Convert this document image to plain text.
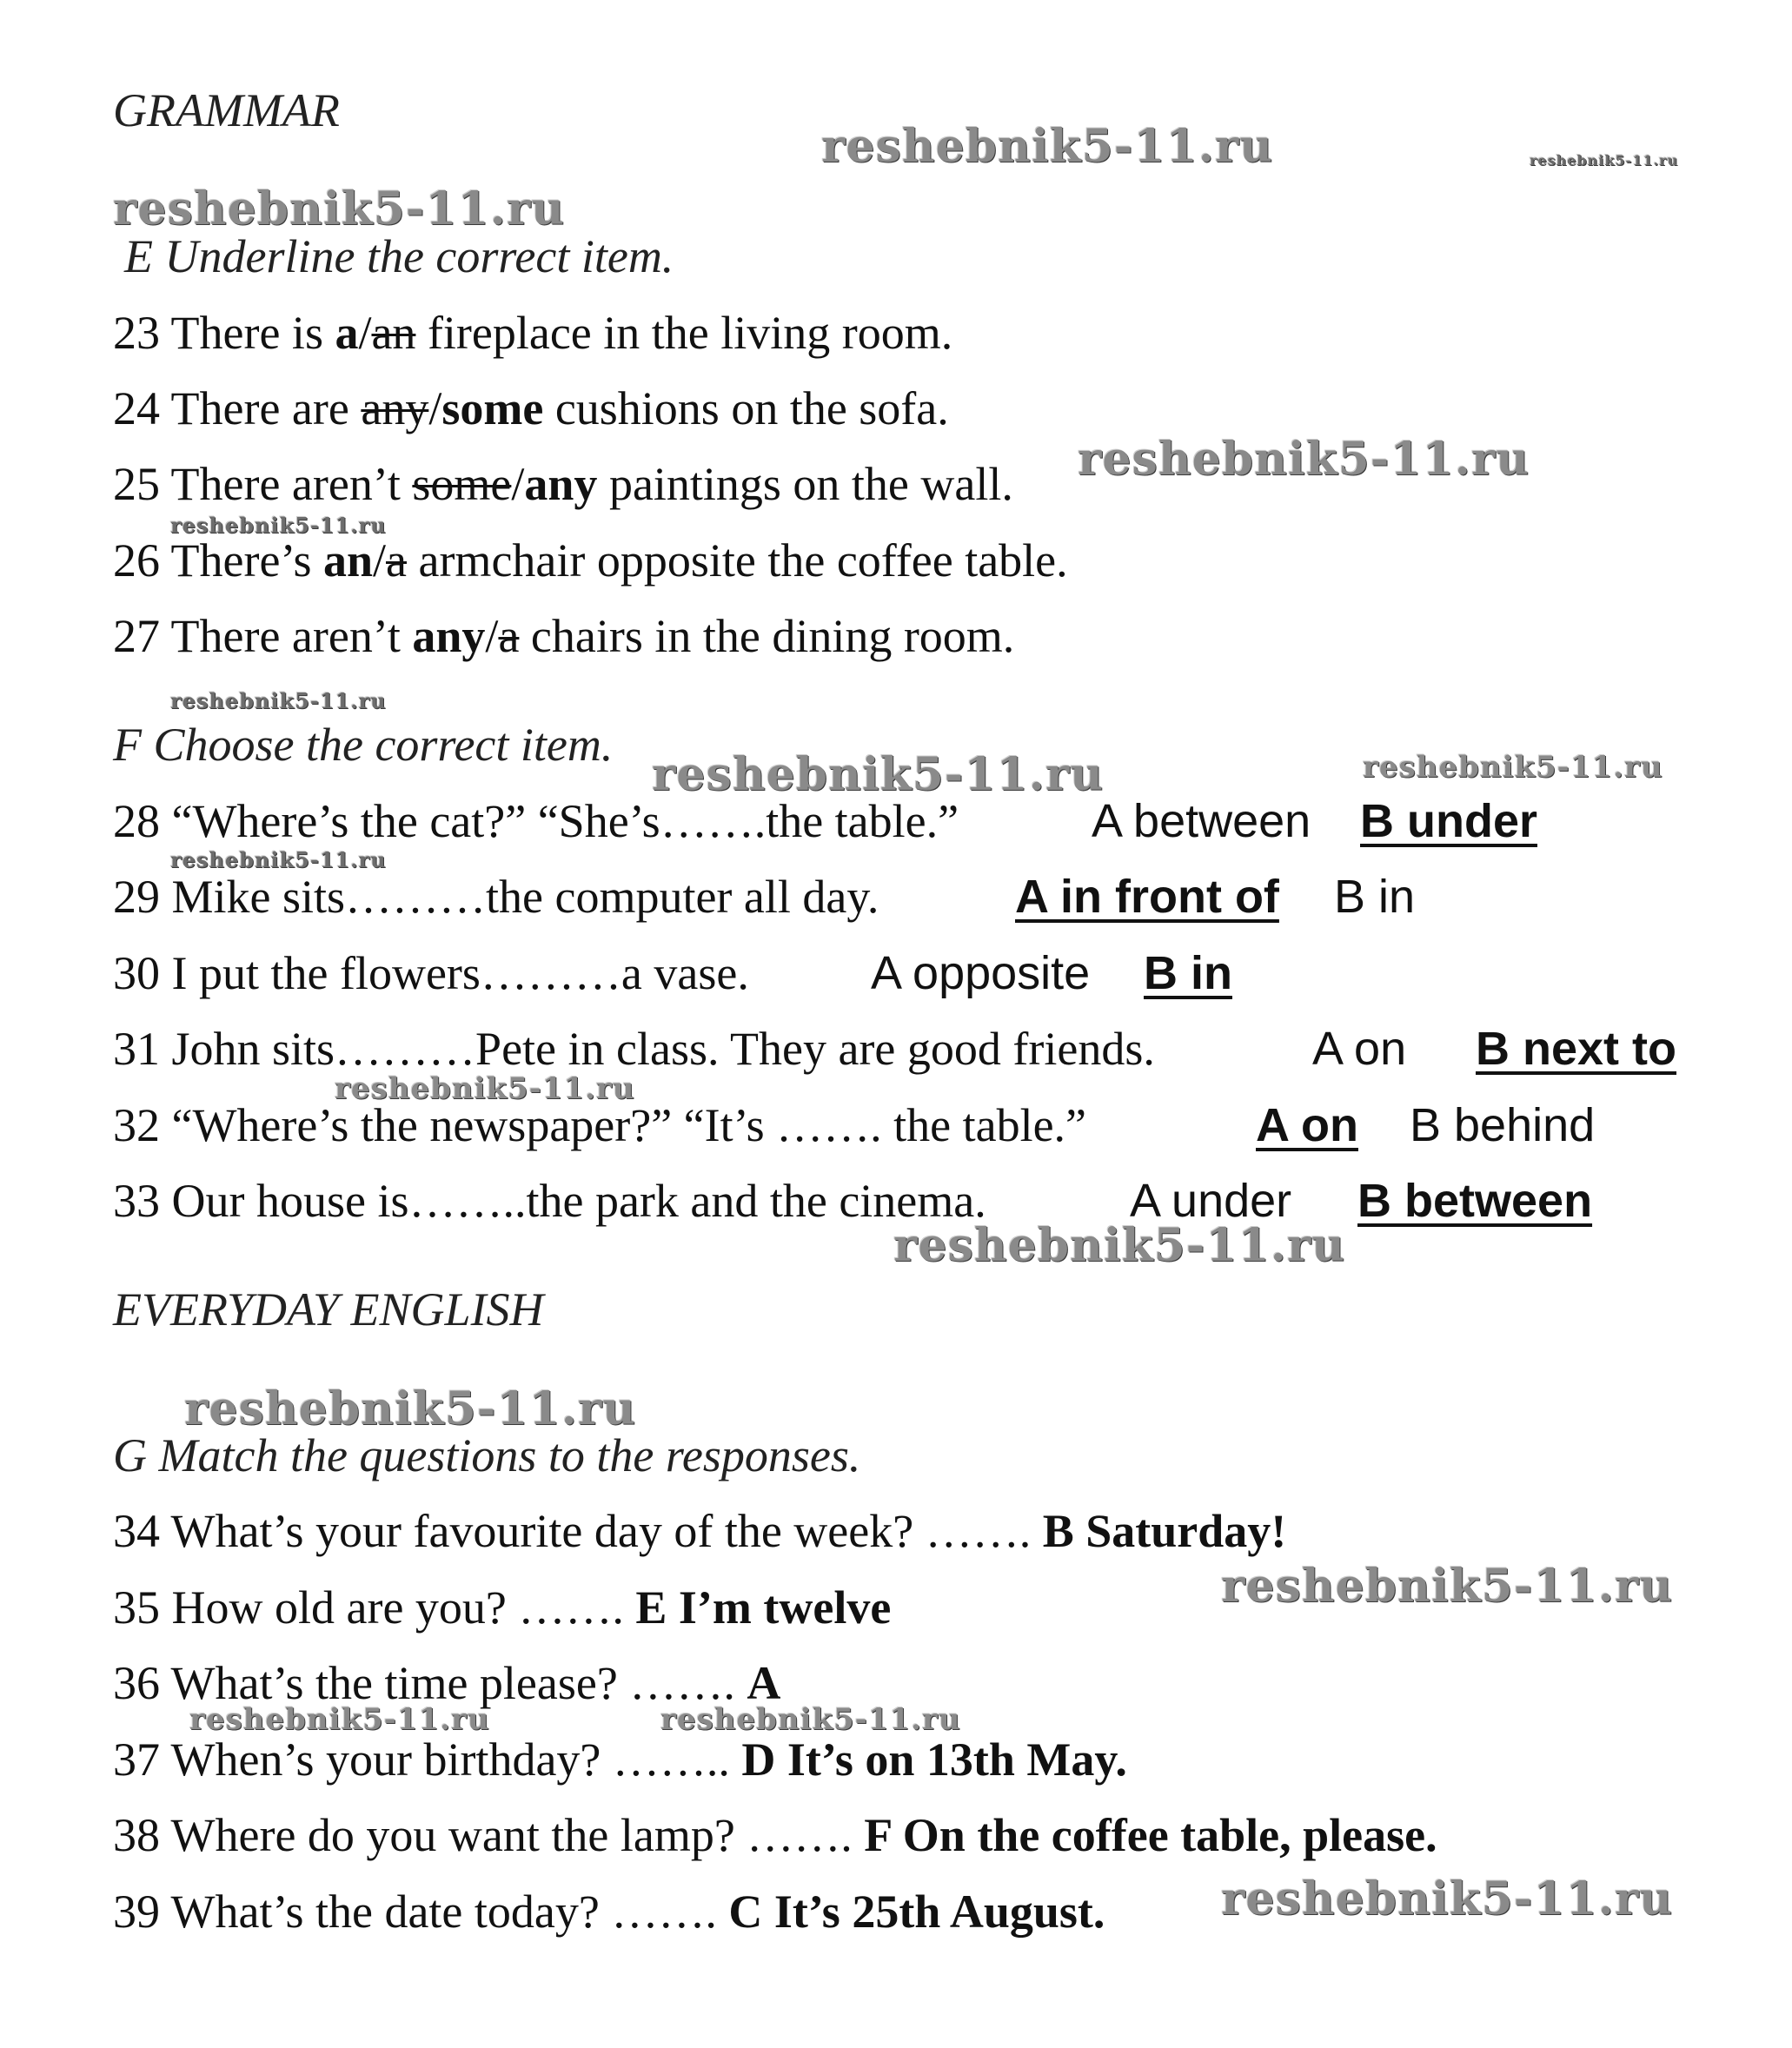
GRAMMAR
E Underline the correct item.
23 There is a/an fireplace in the living room.
24 There are any/some cushions on the sofa.
25 There aren’t some/any paintings on the wall.
26 There’s an/a armchair opposite the coffee table.
27 There aren’t any/a chairs in the dining room.
F Choose the correct item.
28 “Where’s the cat?” “She’s…….the table.”	A between B under
29 Mike sits………the computer all day.	A in front of B in
30 I put the flowers………a vase.	A opposite B in
31 John sits………Pete in class. They are good friends.	A on B next to
32 “Where’s the newspaper?” “It’s ……. the table.”	A on B behind
33 Our house is……..the park and the cinema.	A under B between
EVERYDAY ENGLISH
G Match the questions to the responses.
34 What’s your favourite day of the week? ……. B Saturday!
35 How old are you? ……. E I’m twelve
36 What’s the time please? ……. A
37 When’s your birthday? …….. D It’s on 13th May.
38 Where do you want the lamp? ……. F On the coffee table, please.
39 What’s the date today? ……. C It’s 25th August.
reshebnik5-11.ru	reshebnik5-11.ru
reshebnik5-11.ru
reshebnik5-11.ru
reshebnik5-11.ru
reshebnik5-11.ru
reshebnik5-11.ru	reshebnik5-11.ru
reshebnik5-11.ru
reshebnik5-11.ru
reshebnik5-11.ru
reshebnik5-11.ru
reshebnik5-11.ru
reshebnik5-11.ru	reshebnik5-11.ru
reshebnik5-11.ru
